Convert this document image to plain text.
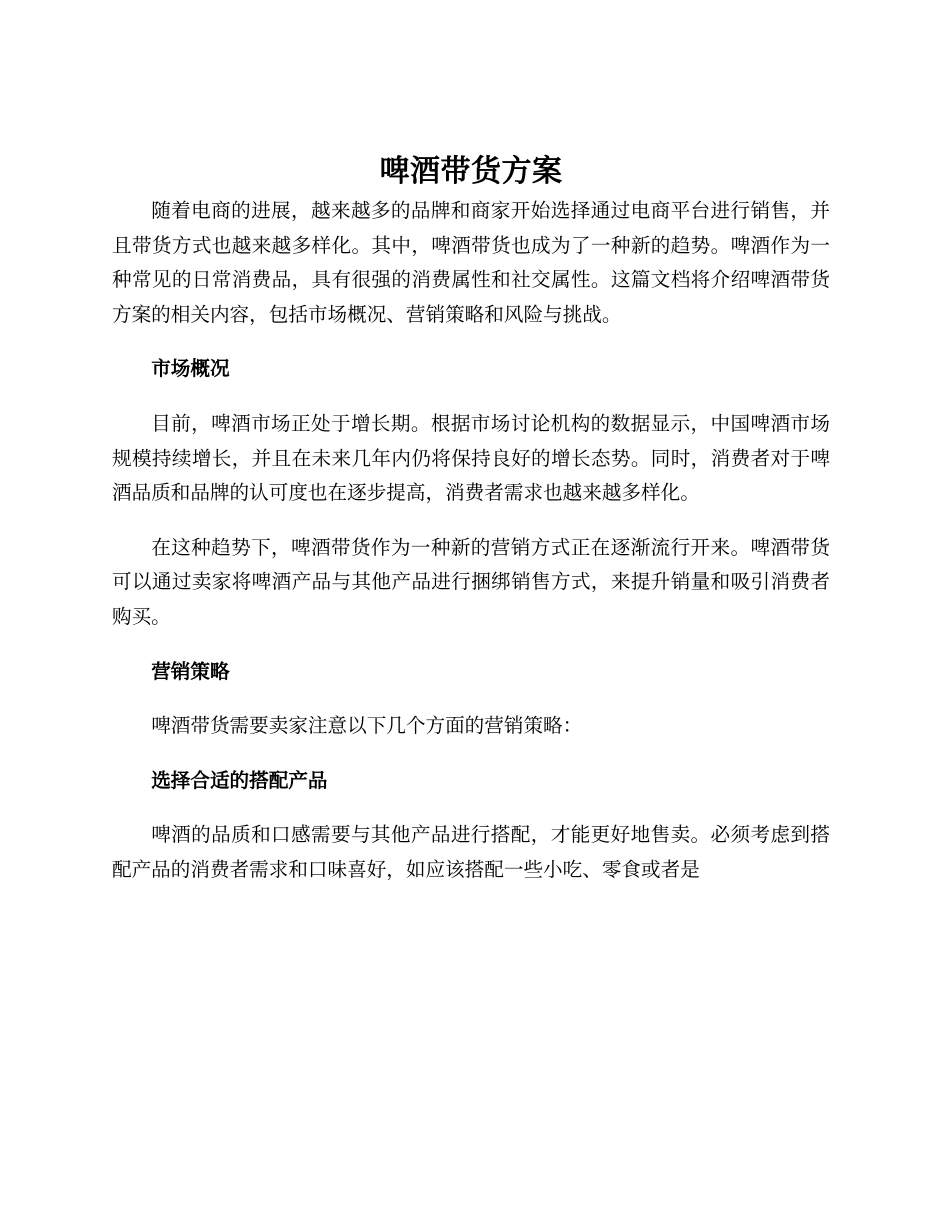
啤酒带货方案

随着电商的进展，越来越多的品牌和商家开始选择通过电商平台进行销售，并且带货方式也越来越多样化。其中，啤酒带货也成为了一种新的趋势。啤酒作为一种常见的日常消费品，具有很强的消费属性和社交属性。这篇文档将介绍啤酒带货方案的相关内容，包括市场概况、营销策略和风险与挑战。

市场概况

目前，啤酒市场正处于增长期。根据市场讨论机构的数据显示，中国啤酒市场规模持续增长，并且在未来几年内仍将保持良好的增长态势。同时，消费者对于啤酒品质和品牌的认可度也在逐步提高，消费者需求也越来越多样化。

在这种趋势下，啤酒带货作为一种新的营销方式正在逐渐流行开来。啤酒带货可以通过卖家将啤酒产品与其他产品进行捆绑销售方式，来提升销量和吸引消费者购买。

营销策略

啤酒带货需要卖家注意以下几个方面的营销策略：

选择合适的搭配产品

啤酒的品质和口感需要与其他产品进行搭配，才能更好地售卖。必须考虑到搭配产品的消费者需求和口味喜好，如应该搭配一些小吃、零食或者是
